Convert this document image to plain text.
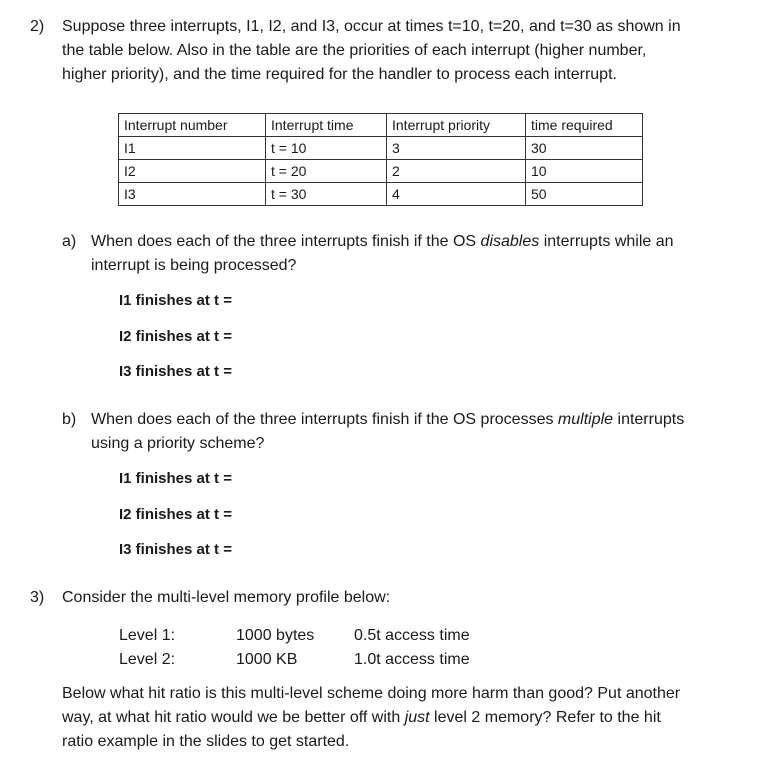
2) Suppose three interrupts, I1, I2, and I3, occur at times t=10, t=20, and t=30 as shown in
the table below. Also in the table are the priorities of each interrupt (higher number,
higher priority), and the time required for the handler to process each interrupt.
Interrupt number	Interrupt time	Interrupt priority	time required
I1	t = 10	3	30
I2	t = 20	2	10
I3	t = 30	4	50
a) When does each of the three interrupts finish if the OS disables interrupts while an
interrupt is being processed?
I1 finishes at t =
I2 finishes at t =
I3 finishes at t =
b) When does each of the three interrupts finish if the OS processes multiple interrupts
using a priority scheme?
I1 finishes at t =
I2 finishes at t =
I3 finishes at t =
3) Consider the multi-level memory profile below:
Level 1:	1000 bytes 0.5t access time
Level 2:	1000 KB	1.0t access time
Below what hit ratio is this multi-level scheme doing more harm than good? Put another
way, at what hit ratio would we be better off with just level 2 memory? Refer to the hit
ratio example in the slides to get started.
